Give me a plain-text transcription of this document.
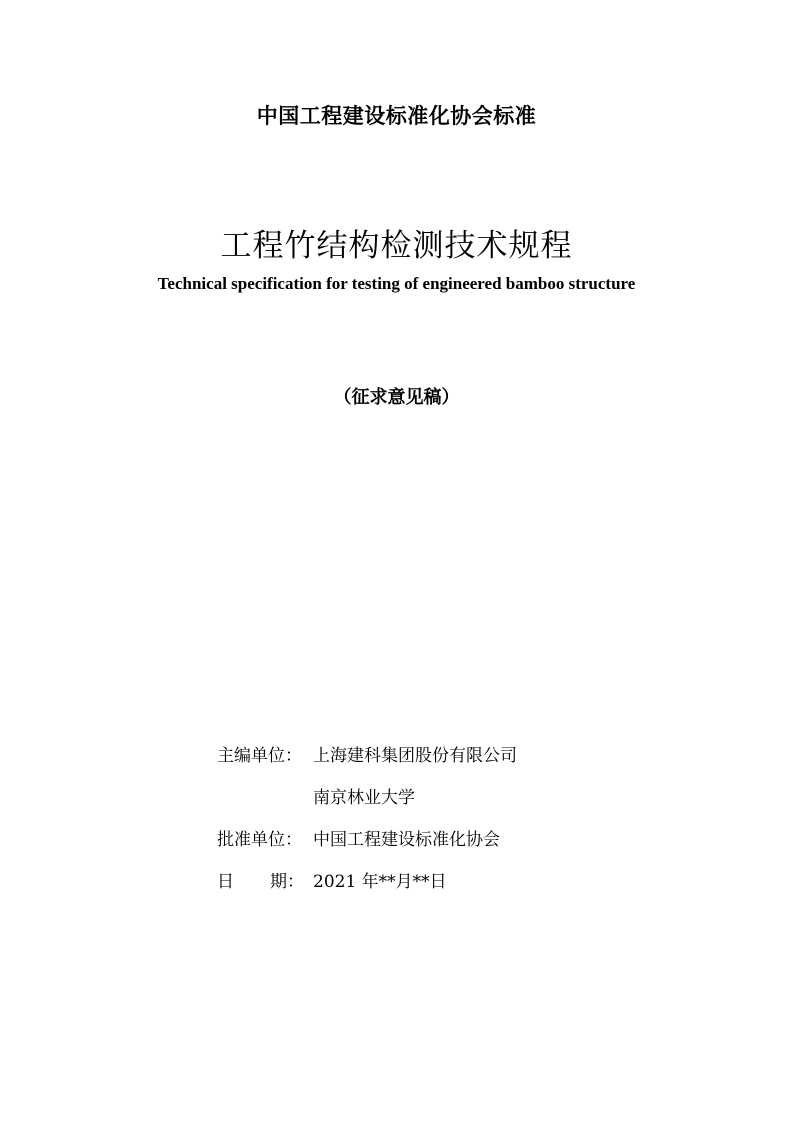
中国工程建设标准化协会标准
工程竹结构检测技术规程
Technical specification for testing of engineered bamboo structure
（征求意见稿）
主编单位： 上海建科集团股份有限公司
南京林业大学
批准单位： 中国工程建设标准化协会
日 期： 2021 年**月**日
